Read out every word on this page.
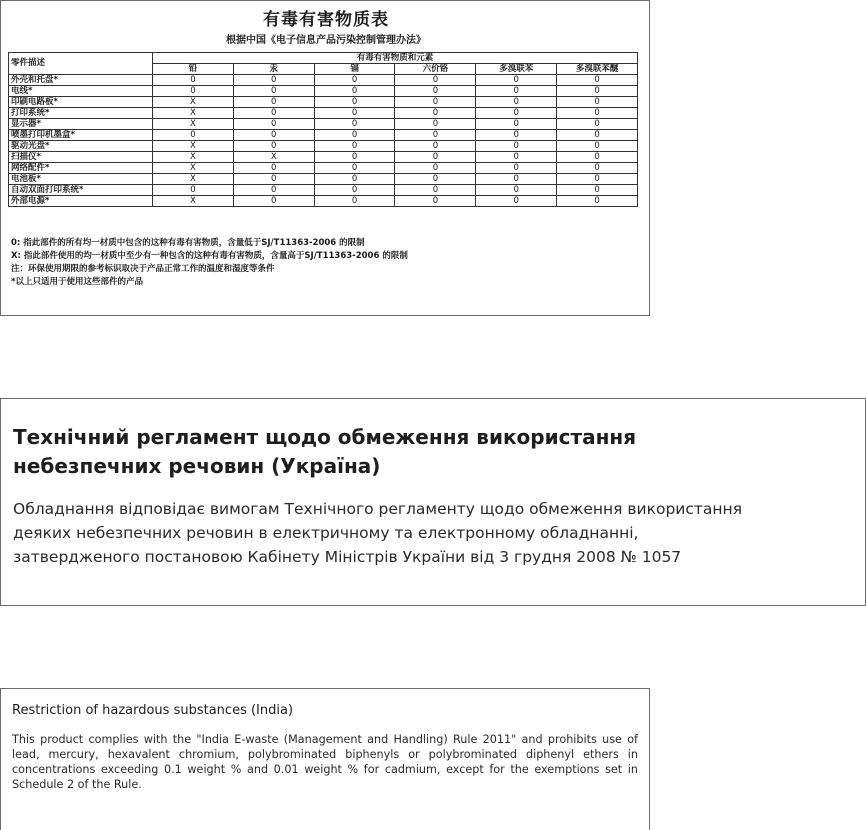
有毒有害物质表
根据中国《电子信息产品污染控制管理办法》
零件描述	有毒有害物质和元素					
	铅	汞	镉	六价铬	多溴联苯	多溴联苯醚
外壳和托盘*	0	0	0	0	0	0
电线*	0	0	0	0	0	0
印刷电路板*	X	0	0	0	0	0
打印系统*	X	0	0	0	0	0
显示器*	X	0	0	0	0	0
喷墨打印机墨盒*	0	0	0	0	0	0
驱动光盘*	X	0	0	0	0	0
扫描仪*	X	X	0	0	0	0
网络配件*	X	0	0	0	0	0
电池板*	X	0	0	0	0	0
自动双面打印系统*	0	0	0	0	0	0
外部电源*	X	0	0	0	0	0
0: 指此部件的所有均一材质中包含的这种有毒有害物质，含量低于SJ/T11363-2006 的限制
X: 指此部件使用的均一材质中至少有一种包含的这种有毒有害物质，含量高于SJ/T11363-2006 的限制
注：环保使用期限的参考标识取决于产品正常工作的温度和湿度等条件
*以上只适用于使用这些部件的产品
Технічний регламент щодо обмеження використання
небезпечних речовин (Україна)
Обладнання відповідає вимогам Технічного регламенту щодо обмеження використання
деяких небезпечних речовин в електричному та електронному обладнанні,
затвердженого постановою Кабінету Міністрів України від 3 грудня 2008 № 1057
Restriction of hazardous substances (India)
This product complies with the "India E-waste (Management and Handling) Rule 2011" and prohibits use of lead, mercury, hexavalent chromium, polybrominated biphenyls or polybrominated diphenyl ethers in concentrations exceeding 0.1 weight % and 0.01 weight % for cadmium, except for the exemptions set in Schedule 2 of the Rule.
